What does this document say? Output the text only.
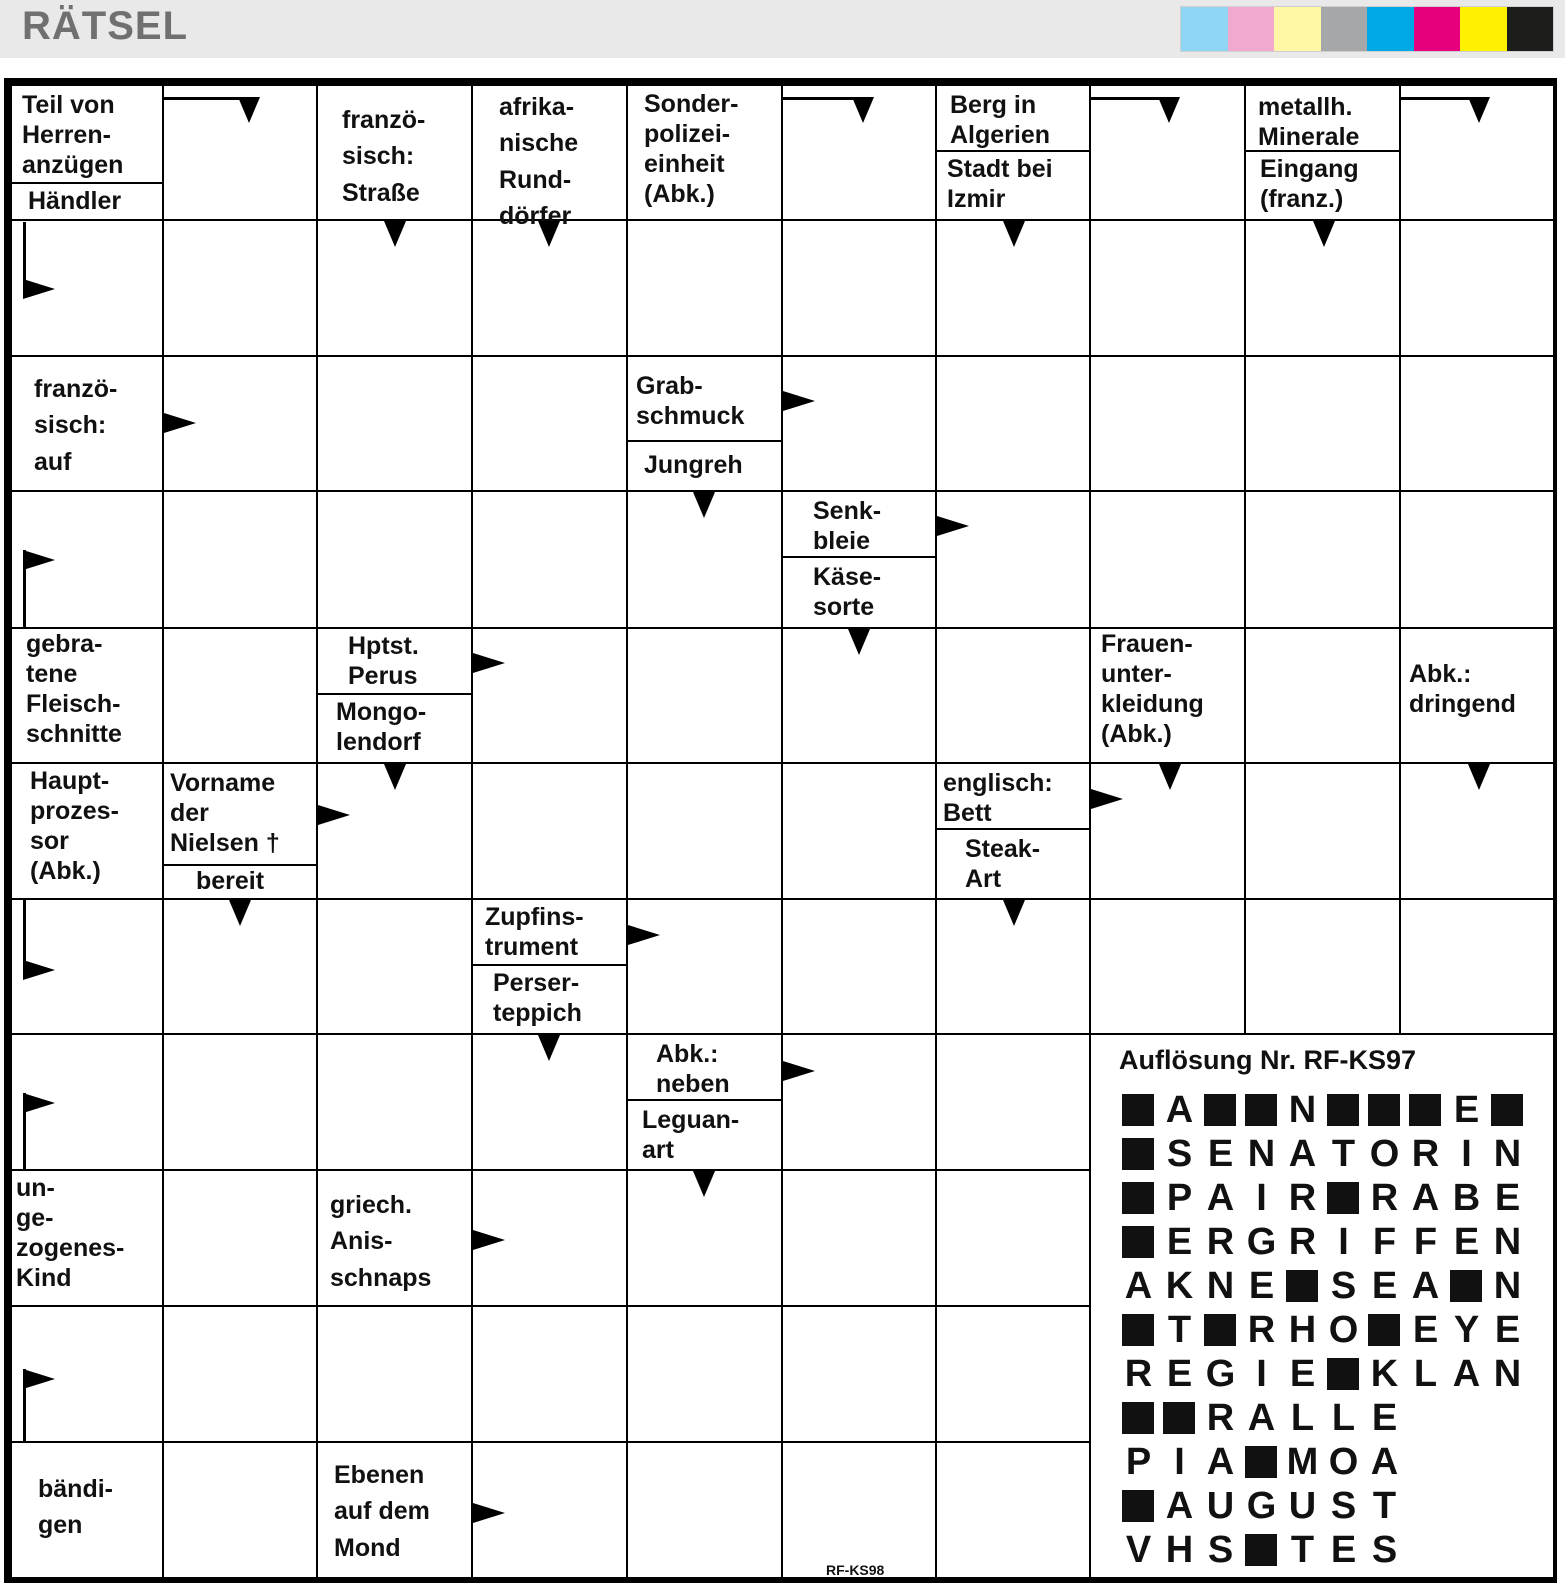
RÄTSEL
Teil von
Herren-
anzügen
Händler
franzö-
sisch:
Straße
afrika-
nische
Rund-
dörfer
Sonder-
polizei-
einheit
(Abk.)
Berg in
Algerien
Stadt bei
Izmir
metallh.
Minerale
Eingang
(franz.)
franzö-
sisch:
auf
Grab-
schmuck
Jungreh
Senk-
bleie
Käse-
sorte
gebra-
tene
Fleisch-
schnitte
Hptst.
Perus
Mongo-
lendorf
Frauen-
unter-
kleidung
(Abk.)
Abk.:
dringend
Haupt-
prozes-
sor
(Abk.)
Vorname
der
Nielsen †
bereit
englisch:
Bett
Steak-
Art
Zupfins-
trument
Perser-
teppich
Abk.:
neben
Leguan-
art
un-
ge-
zogenes-
Kind
griech.
Anis-
schnaps
bändi-
gen
Ebenen
auf dem
Mond
Auflösung Nr. RF-KS97
A	N	E
S E N A T O R I N
P A I R R A B E
E R G R I F F E N
A K N E S E A N
T R H O E Y E
R E G I E K L A N
R A L L E
P I A M O A
A U G U S T
V H S T E S
RF-KS98
